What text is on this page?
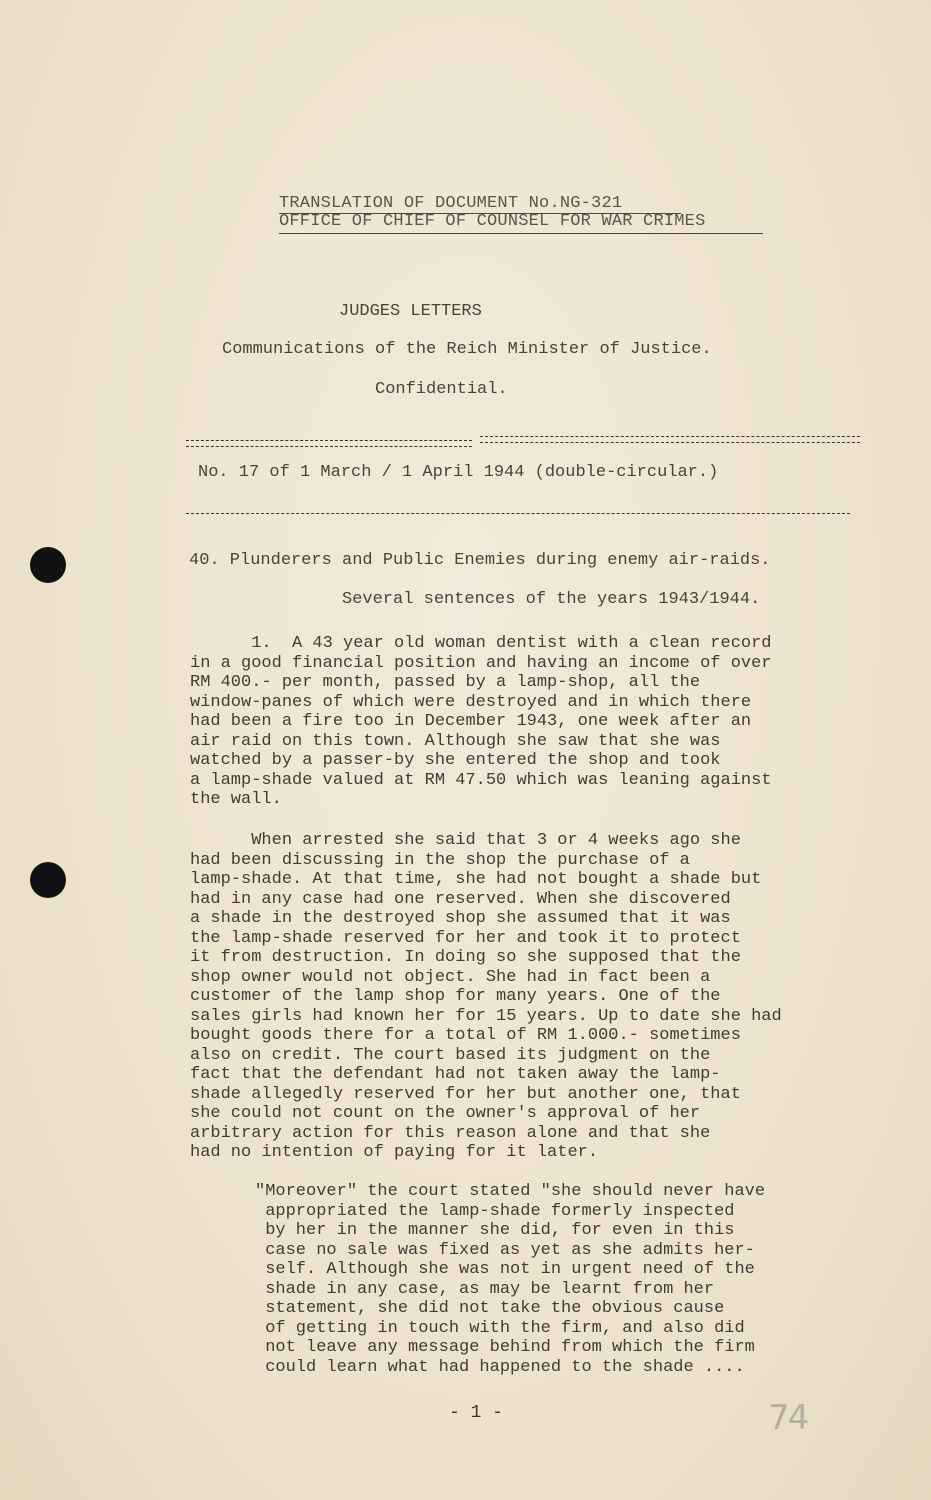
TRANSLATION OF DOCUMENT No.NG-321
OFFICE OF CHIEF OF COUNSEL FOR WAR CRIMES
JUDGES LETTERS
Communications of the Reich Minister of Justice.
Confidential.
No. 17 of 1 March / 1 April 1944 (double-circular.)
40. Plunderers and Public Enemies during enemy air-raids.
Several sentences of the years 1943/1944.
1.  A 43 year old woman dentist with a clean record
in a good financial position and having an income of over
RM 400.- per month, passed by a lamp-shop, all the
window-panes of which were destroyed and in which there
had been a fire too in December 1943, one week after an
air raid on this town. Although she saw that she was
watched by a passer-by she entered the shop and took
a lamp-shade valued at RM 47.50 which was leaning against
the wall.
When arrested she said that 3 or 4 weeks ago she
had been discussing in the shop the purchase of a
lamp-shade. At that time, she had not bought a shade but
had in any case had one reserved. When she discovered
a shade in the destroyed shop she assumed that it was
the lamp-shade reserved for her and took it to protect
it from destruction. In doing so she supposed that the
shop owner would not object. She had in fact been a
customer of the lamp shop for many years. One of the
sales girls had known her for 15 years. Up to date she had
bought goods there for a total of RM 1.000.- sometimes
also on credit. The court based its judgment on the
fact that the defendant had not taken away the lamp-
shade allegedly reserved for her but another one, that
she could not count on the owner's approval of her
arbitrary action for this reason alone and that she
had no intention of paying for it later.
"Moreover" the court stated "she should never have
appropriated the lamp-shade formerly inspected
by her in the manner she did, for even in this
case no sale was fixed as yet as she admits her-
self. Although she was not in urgent need of the
shade in any case, as may be learnt from her
statement, she did not take the obvious cause
of getting in touch with the firm, and also did
not leave any message behind from which the firm
could learn what had happened to the shade ....
- 1 -	74
